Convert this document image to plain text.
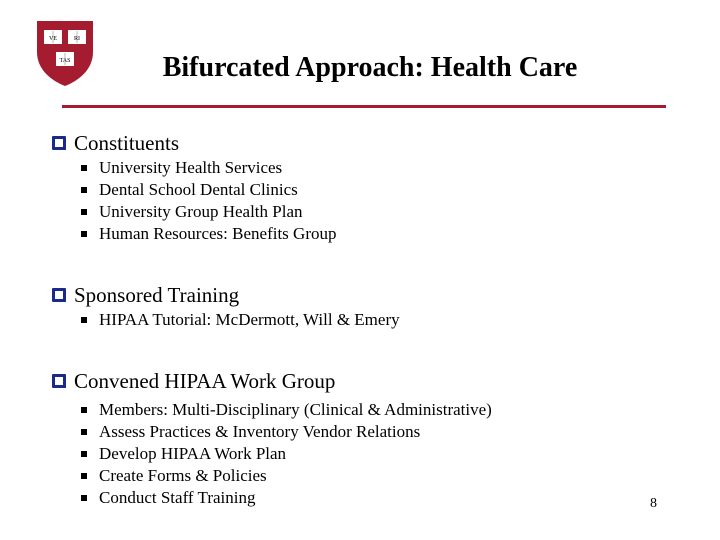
VE	RI
TAS	Bifurcated Approach: Health Care
Constituents
University Health Services
Dental School Dental Clinics
University Group Health Plan
Human Resources: Benefits Group
Sponsored Training
HIPAA Tutorial: McDermott, Will & Emery
Convened HIPAA Work Group
Members: Multi-Disciplinary (Clinical & Administrative)
Assess Practices & Inventory Vendor Relations
Develop HIPAA Work Plan
Create Forms & Policies
Conduct Staff Training	8
